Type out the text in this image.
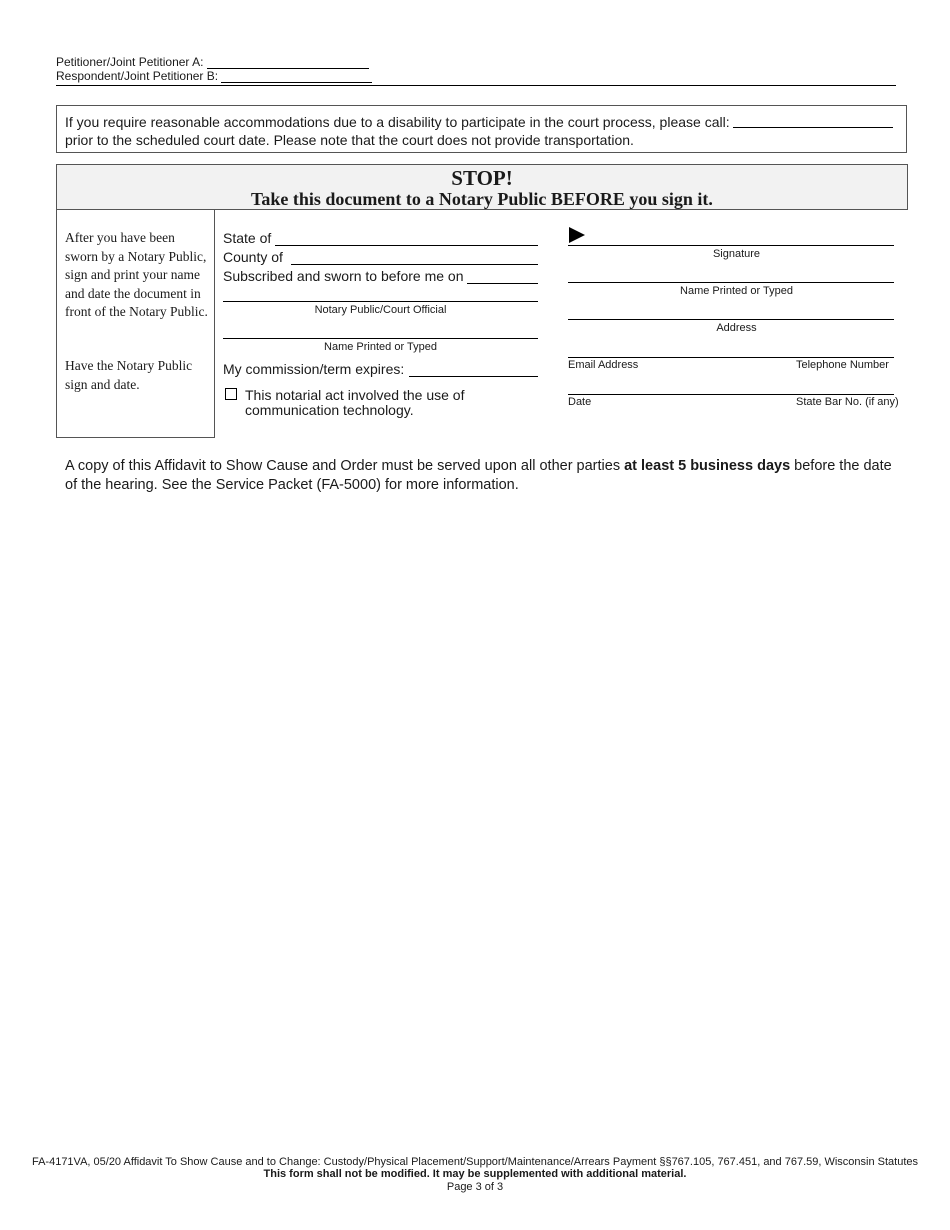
Petitioner/Joint Petitioner A:
Respondent/Joint Petitioner B:
If you require reasonable accommodations due to a disability to participate in the court process, please call:
prior to the scheduled court date. Please note that the court does not provide transportation.
STOP!
Take this document to a Notary Public BEFORE you sign it.
After you have been sworn by a Notary Public, sign and print your name and date the document in front of the Notary Public.
Have the Notary Public sign and date.
State of
County of
Subscribed and sworn to before me on
Notary Public/Court Official
Name Printed or Typed
My commission/term expires:
This notarial act involved the use of
communication technology.
Signature
Name Printed or Typed
Address
Email Address	Telephone Number
Date	State Bar No. (if any)
A copy of this Affidavit to Show Cause and Order must be served upon all other parties at least 5 business days before the date of the hearing. See the Service Packet (FA-5000) for more information.
FA-4171VA, 05/20 Affidavit To Show Cause and to Change: Custody/Physical Placement/Support/Maintenance/Arrears Payment §§767.105, 767.451, and 767.59, Wisconsin Statutes
This form shall not be modified. It may be supplemented with additional material.
Page 3 of 3
